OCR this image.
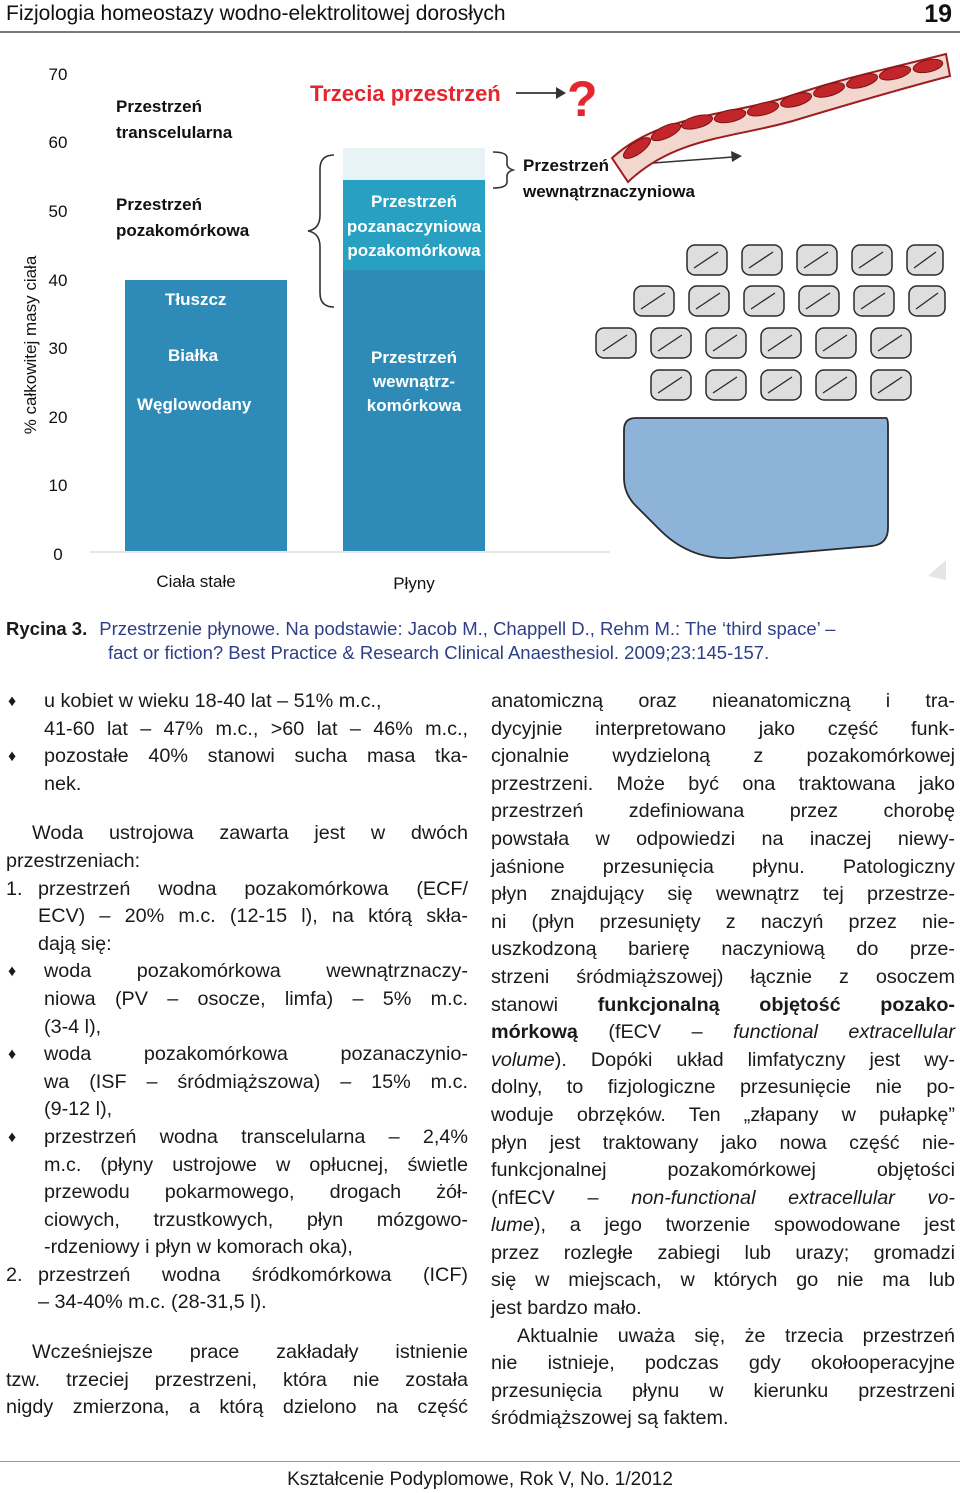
Fizjologia homeostazy wodno-elektrolitowej dorosłych	19
% całkowitej masy ciała
70
60
50
40
30
20
10
0
Ciała stałe	Płyny
Przestrzeń
transcelularna
Przestrzeń
pozakomórkowa
Tłuszcz
Białka
Węglowodany
Przestrzeń
pozanaczyniowa
pozakomórkowa
Przestrzeń
wewnątrz-
komórkowa
Trzecia przestrzeń ?
Przestrzeń
wewnątrznaczyniowa
Rycina 3. Przestrzenie płynowe. Na podstawie: Jacob M., Chappell D., Rehm M.: The ‘third space’ –
fact or fiction? Best Practice & Research Clinical Anaesthesiol. 2009;23:145-157.
♦ u kobiet w wieku 18-40 lat – 51% m.c.,
41-60 lat – 47% m.c., >60 lat – 46% m.c.,
♦ pozostałe 40% stanowi sucha masa tka-
nek.
Woda ustrojowa zawarta jest w dwóch
przestrzeniach:
1. przestrzeń wodna pozakomórkowa (ECF/
ECV) – 20% m.c. (12-15 l), na którą skła-
dają się:
♦ woda pozakomórkowa wewnątrznaczy-
niowa (PV – osocze, limfa) – 5% m.c.
(3-4 l),
♦ woda pozakomórkowa pozanaczynio-
wa (ISF – śródmiąższowa) – 15% m.c.
(9-12 l),
♦ przestrzeń wodna transcelularna – 2,4%
m.c. (płyny ustrojowe w opłucnej, świetle
przewodu pokarmowego, drogach żół-
ciowych, trzustkowych, płyn mózgowo-
-rdzeniowy i płyn w komorach oka),
2. przestrzeń wodna śródkomórkowa (ICF)
– 34-40% m.c. (28-31,5 l).
Wcześniejsze prace zakładały istnienie
tzw. trzeciej przestrzeni, która nie została
nigdy zmierzona, a którą dzielono na część
anatomiczną oraz nieanatomiczną i tra-
dycyjnie interpretowano jako część funk-
cjonalnie wydzieloną z pozakomórkowej
przestrzeni. Może być ona traktowana jako
przestrzeń zdefiniowana przez chorobę
powstała w odpowiedzi na inaczej niewy-
jaśnione przesunięcia płynu. Patologiczny
płyn znajdujący się wewnątrz tej przestrze-
ni (płyn przesunięty z naczyń przez nie-
uszkodzoną barierę naczyniową do prze-
strzeni śródmiąższowej) łącznie z osoczem
stanowi funkcjonalną objętość pozako-
mórkową (fECV – functional extracellular
volume). Dopóki układ limfatyczny jest wy-
dolny, to fizjologiczne przesunięcie nie po-
woduje obrzęków. Ten „złapany w pułapkę”
płyn jest traktowany jako nowa część nie-
funkcjonalnej pozakomórkowej objętości
(nfECV – non-functional extracellular vo-
lume), a jego tworzenie spowodowane jest
przez rozległe zabiegi lub urazy; gromadzi
się w miejscach, w których go nie ma lub
jest bardzo mało.
Aktualnie uważa się, że trzecia przestrzeń
nie istnieje, podczas gdy okołooperacyjne
przesunięcia płynu w kierunku przestrzeni
śródmiąższowej są faktem.
Kształcenie Podyplomowe, Rok V, No. 1/2012
